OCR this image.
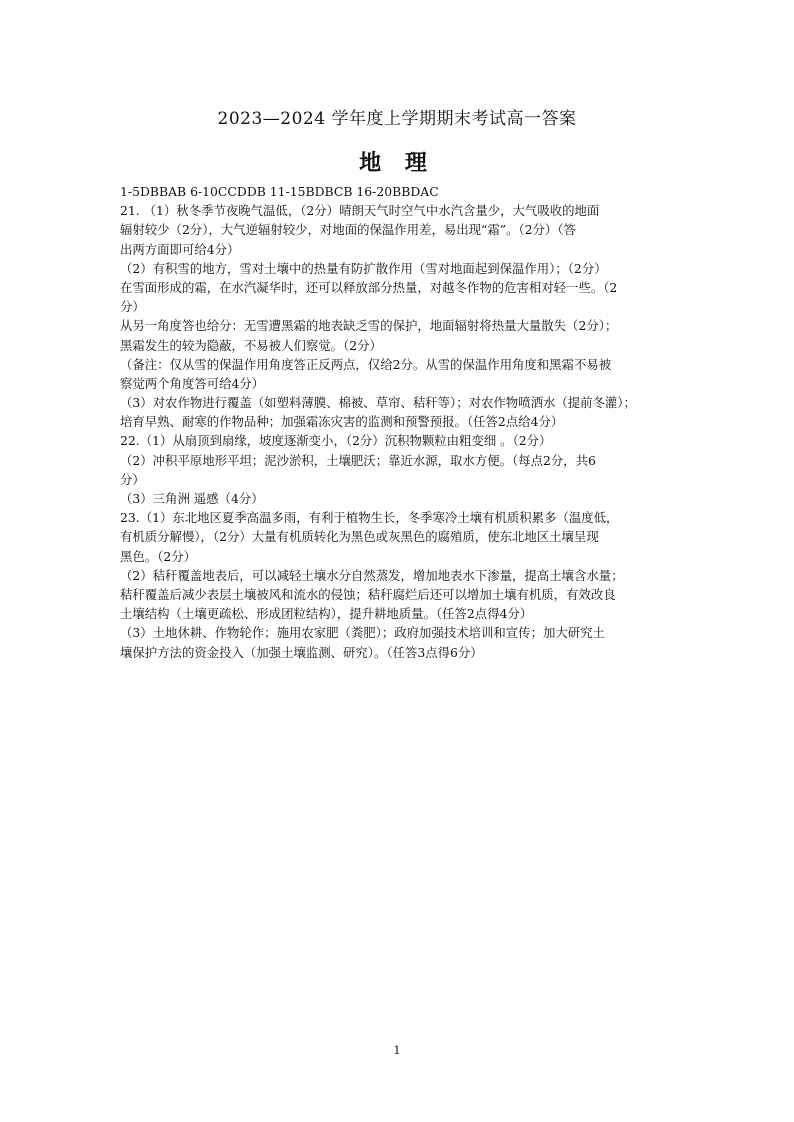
2023—2024 学年度上学期期末考试高一答案
地 理
1-5DBBAB 6-10CCDDB 11-15BDBCB 16-20BBDAC
21. （1）秋冬季节夜晚气温低，（2分）晴朗天气时空气中水汽含量少，大气吸收的地面
辐射较少（2分），大气逆辐射较少，对地面的保温作用差，易出现“霜”。（2分）（答
出两方面即可给4分）
（2）有积雪的地方，雪对土壤中的热量有防扩散作用（雪对地面起到保温作用）；（2分）
在雪面形成的霜，在水汽凝华时，还可以释放部分热量，对越冬作物的危害相对轻一些。（2
分）
从另一角度答也给分：无雪遭黑霜的地表缺乏雪的保护，地面辐射将热量大量散失（2分）；
黑霜发生的较为隐蔽，不易被人们察觉。（2分）
（备注：仅从雪的保温作用角度答正反两点，仅给2分。从雪的保温作用角度和黑霜不易被
察觉两个角度答可给4分）
（3）对农作物进行覆盖（如塑料薄膜、棉被、草帘、秸秆等）；对农作物喷洒水（提前冬灌）；
培育早熟、耐寒的作物品种；加强霜冻灾害的监测和预警预报。（任答2点给4分）
22.（1）从扇顶到扇缘，坡度逐渐变小，（2分）沉积物颗粒由粗变细 。（2分）
（2）冲积平原地形平坦；泥沙淤积，土壤肥沃；靠近水源，取水方便。（每点2分，共6
分）
（3）三角洲 遥感（4分）
23.（1）东北地区夏季高温多雨，有利于植物生长，冬季寒冷土壤有机质积累多（温度低，
有机质分解慢），（2分）大量有机质转化为黑色或灰黑色的腐殖质，使东北地区土壤呈现
黑色。（2分）
（2）秸秆覆盖地表后，可以减轻土壤水分自然蒸发，增加地表水下渗量，提高土壤含水量；
秸秆覆盖后减少表层土壤被风和流水的侵蚀；秸秆腐烂后还可以增加土壤有机质，有效改良
土壤结构（土壤更疏松、形成团粒结构），提升耕地质量。（任答2点得4分）
（3）土地休耕、作物轮作；施用农家肥（粪肥）；政府加强技术培训和宣传；加大研究土
壤保护方法的资金投入（加强土壤监测、研究）。（任答3点得6分）
1
